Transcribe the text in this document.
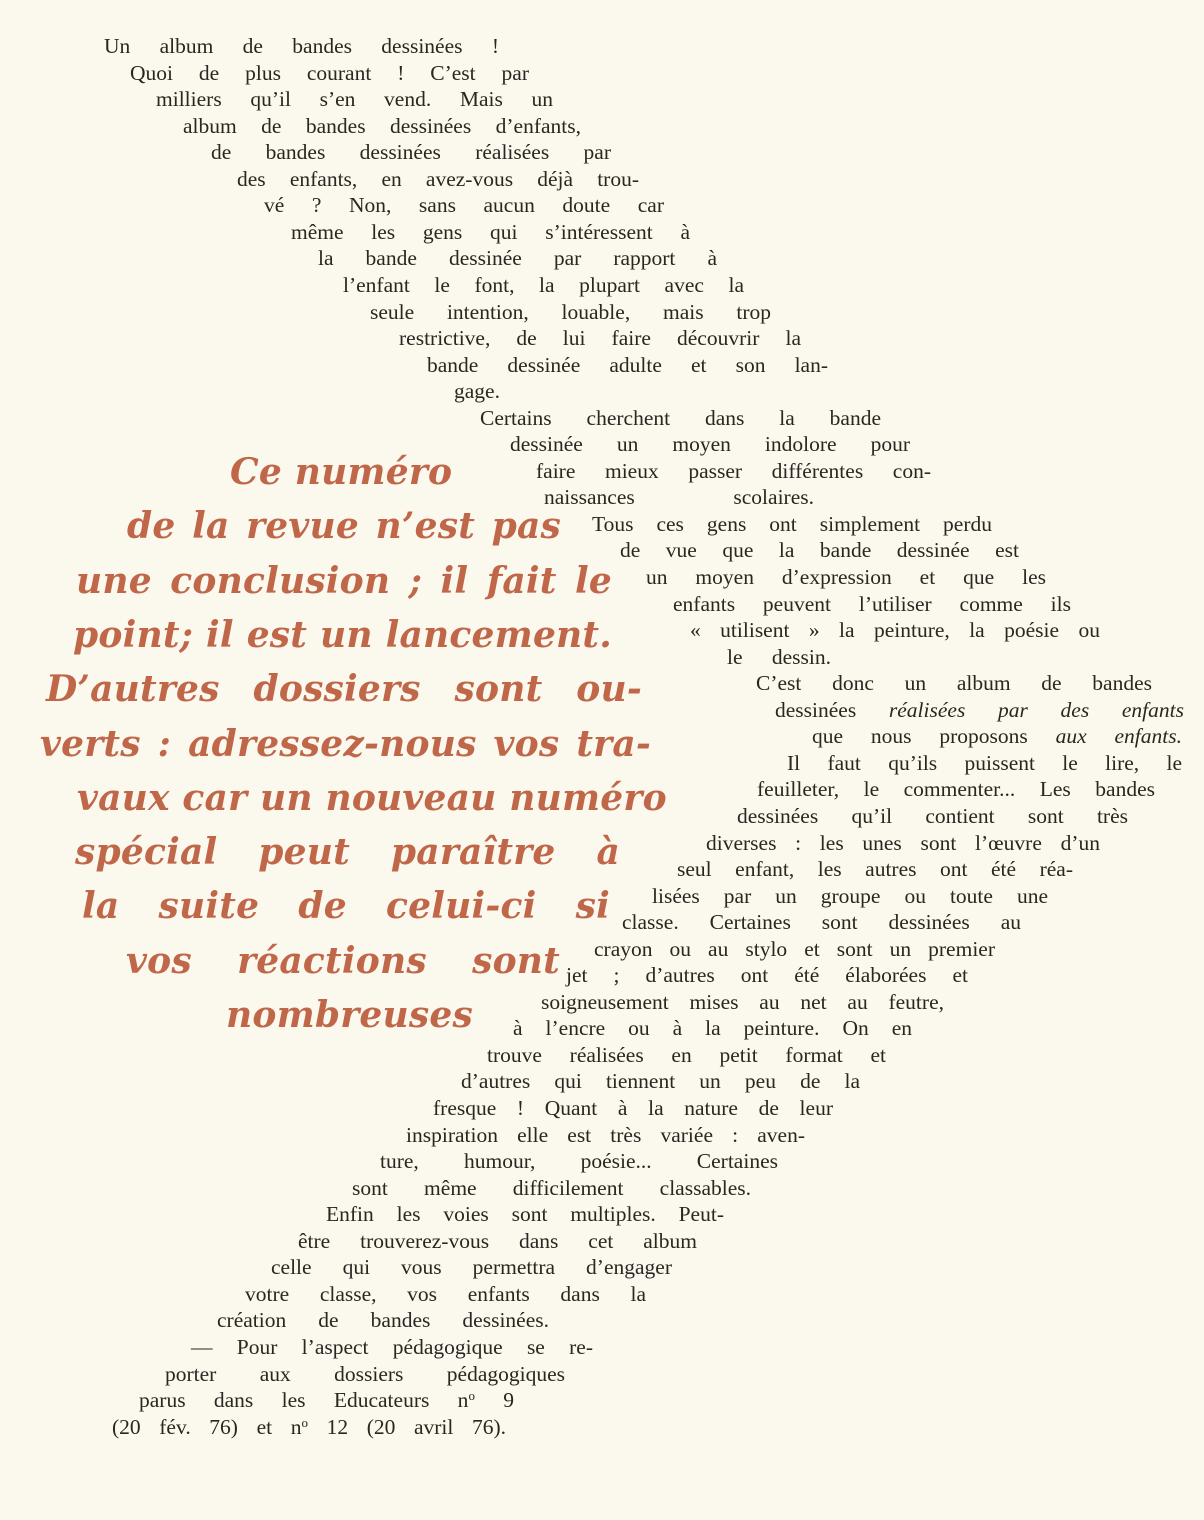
Un album de bandes dessinées !
Quoi de plus courant ! C’est par
milliers qu’il s’en vend. Mais un
album de bandes dessinées d’enfants,
de bandes dessinées réalisées par
des enfants, en avez-vous déjà trou-
vé ? Non, sans aucun doute car
même les gens qui s’intéressent à
la bande dessinée par rapport à
l’enfant le font, la plupart avec la
seule intention, louable, mais trop
restrictive, de lui faire découvrir la
bande dessinée adulte et son lan-
gage.
Certains cherchent dans la bande
dessinée un moyen indolore pour
faire mieux passer différentes con-
naissances scolaires.
Tous ces gens ont simplement perdu
de vue que la bande dessinée est
un moyen d’expression et que les
enfants peuvent l’utiliser comme ils
« utilisent » la peinture, la poésie ou
le dessin.
C’est donc un album de bandes
dessinées réalisées par des enfants
que nous proposons aux enfants.
Il faut qu’ils puissent le lire, le
feuilleter, le commenter... Les bandes
dessinées qu’il contient sont très
diverses : les unes sont l’œuvre d’un
seul enfant, les autres ont été réa-
lisées par un groupe ou toute une
classe. Certaines sont dessinées au
crayon ou au stylo et sont un premier
jet ; d’autres ont été élaborées et
soigneusement mises au net au feutre,
à l’encre ou à la peinture. On en
trouve réalisées en petit format et
d’autres qui tiennent un peu de la
fresque ! Quant à la nature de leur
inspiration elle est très variée : aven-
ture, humour, poésie... Certaines
sont même difficilement classables.
Enfin les voies sont multiples. Peut-
être trouverez-vous dans cet album
celle qui vous permettra d’engager
votre classe, vos enfants dans la
création de bandes dessinées.
— Pour l’aspect pédagogique se re-
porter aux dossiers pédagogiques
parus dans les Educateurs $n^o$ 9
(20 fév. 76) et $n^o$ 12 (20 avril 76).
Ce numéro
de la revue n’est pas
une conclusion ; il fait le
point; il est un lancement.
D’autres dossiers sont ou-
verts : adressez-nous vos tra-
vaux car un nouveau numéro
spécial peut paraître à
la suite de celui-ci si
vos réactions sont
nombreuses
